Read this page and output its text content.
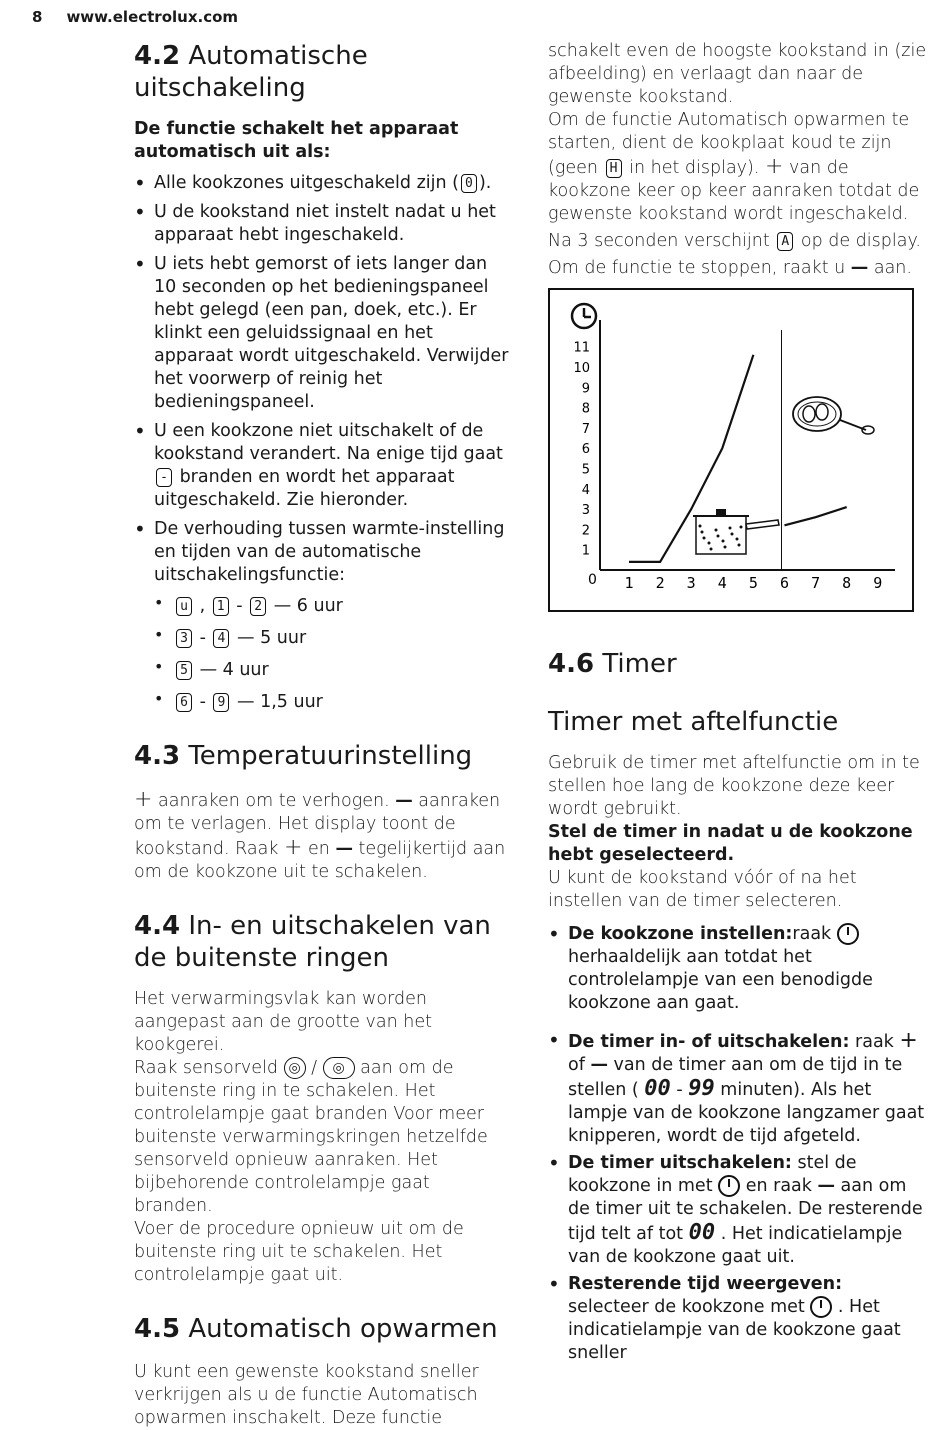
8 www.electrolux.com
4.2 Automatische uitschakeling

De functie schakelt het apparaat automatisch uit als:

• Alle kookzones uitgeschakeld zijn ( 0 ).
• U de kookstand niet instelt nadat u het apparaat hebt ingeschakeld.
• U iets hebt gemorst of iets langer dan 10 seconden op het bedieningspaneel hebt gelegd (een pan, doek, etc.). Er klinkt een geluidssignaal en het apparaat wordt uitgeschakeld. Verwijder het voorwerp of reinig het bedieningspaneel.
• U een kookzone niet uitschakelt of de kookstand verandert. Na enige tijd gaat - branden en wordt het apparaat uitgeschakeld. Zie hieronder.
• De verhouding tussen warmte-instelling en tijden van de automatische uitschakelingsfunctie:
• u , 1 - 2 — 6 uur
• 3 - 4 — 5 uur
• 5 — 4 uur
• 6 - 9 — 1,5 uur
4.3 Temperatuurinstelling

+ aanraken om te verhogen. — aanraken om te verlagen. Het display toont de kookstand. Raak + en — tegelijkertijd aan om de kookzone uit te schakelen.

4.4 In- en uitschakelen van de buitenste ringen

Het verwarmingsvlak kan worden aangepast aan de grootte van het kookgerei.

Raak sensorveld ◎ / ◎ aan om de buitenste ring in te schakelen. Het controlelampje gaat branden Voor meer buitenste verwarmingskringen hetzelfde sensorveld opnieuw aanraken. Het bijbehorende controlelampje gaat branden.

Voer de procedure opnieuw uit om de buitenste ring uit te schakelen. Het controlelampje gaat uit.

4.5 Automatisch opwarmen

U kunt een gewenste kookstand sneller verkrijgen als u de functie Automatisch opwarmen inschakelt. Deze functie

schakelt even de hoogste kookstand in (zie afbeelding) en verlaagt dan naar de gewenste kookstand.

Om de functie Automatisch opwarmen te starten, dient de kookplaat koud te zijn (geen H in het display). + van de kookzone keer op keer aanraken totdat de gewenste kookstand wordt ingeschakeld.

Na 3 seconden verschijnt A op de display.

Om de functie te stoppen, raakt u — aan.

0
1
2
3
4
5
6
7
8
9
10
11
1 2 3 4 5 6 7 8 9
4.6 Timer
Timer met aftelfunctie

Gebruik de timer met aftelfunctie om in te stellen hoe lang de kookzone deze keer wordt gebruikt.

Stel de timer in nadat u de kookzone hebt geselecteerd.

U kunt de kookstand vóór of na het instellen van de timer selecteren.

• De kookzone instellen:raak
herhaaldelijk aan totdat het controlelampje van een benodigde kookzone aan gaat.
• De timer in- of uitschakelen: raak + of — van de timer aan om de tijd in te stellen ( 00 - 99 minuten). Als het lampje van de kookzone langzamer gaat knipperen, wordt de tijd afgeteld.
• De timer uitschakelen: stel de kookzone in met
en raak — aan om de timer uit te schakelen. De resterende tijd telt af tot 00 . Het indicatielampje van de kookzone gaat uit.
• Resterende tijd weergeven: selecteer de kookzone met
. Het indicatielampje van de kookzone gaat sneller
